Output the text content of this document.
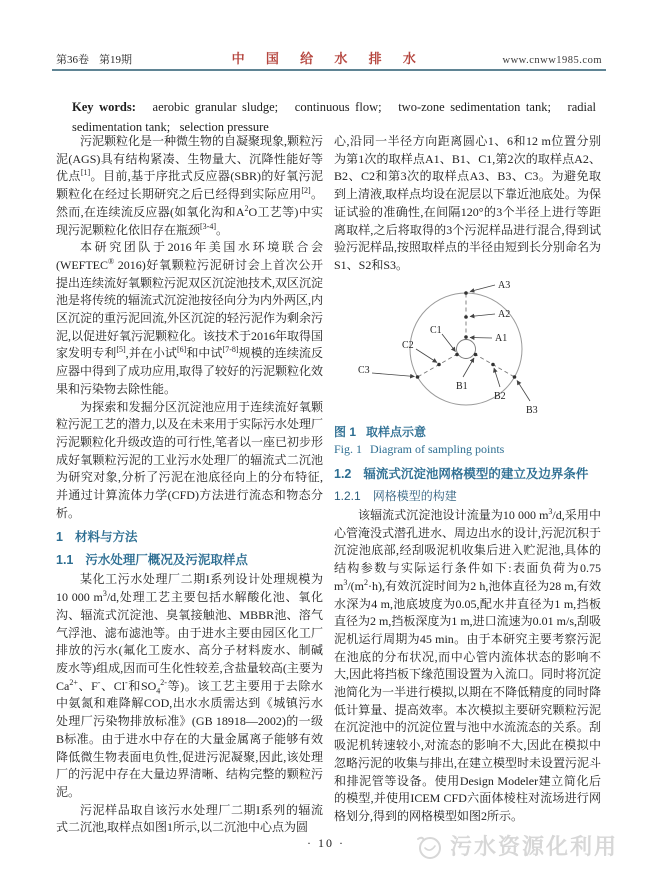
第36卷 第19期	中 国 给 水 排 水	www.cnww1985.com

Key words: aerobic granular sludge;   continuous flow;   two-zone sedimentation tank;   radial sedimentation tank;   selection pressure

污泥颗粒化是一种微生物的自凝聚现象,颗粒污泥(AGS)具有结构紧凑、生物量大、沉降性能好等优点[1]。目前,基于序批式反应器(SBR)的好氧污泥颗粒化在经过长期研究之后已经得到实际应用[2]。然而,在连续流反应器(如氧化沟和$A^2O$工艺等)中实现污泥颗粒化依旧存在瓶颈[3-4]。

本研究团队于2016年美国水环境联合会(WEFTEC® 2016)好氧颗粒污泥研讨会上首次公开提出连续流好氧颗粒污泥双区沉淀池技术,双区沉淀池是将传统的辐流式沉淀池按径向分为内外两区,内区沉淀的重污泥回流,外区沉淀的轻污泥作为剩余污泥,以促进好氧污泥颗粒化。该技术于2016年取得国家发明专利[5],并在小试[6]和中试[7-8]规模的连续流反应器中得到了成功应用,取得了较好的污泥颗粒化效果和污染物去除性能。

为探索和发掘分区沉淀池应用于连续流好氧颗粒污泥工艺的潜力,以及在未来用于实际污水处理厂污泥颗粒化升级改造的可行性,笔者以一座已初步形成好氧颗粒污泥的工业污水处理厂的辐流式二沉池为研究对象,分析了污泥在池底径向上的分布特征,并通过计算流体力学(CFD)方法进行流态和物态分析。

1 材料与方法
1.1 污水处理厂概况及污泥取样点

某化工污水处理厂二期I系列设计处理规模为10 000 $m^3/d$,处理工艺主要包括水解酸化池、氧化沟、辐流式沉淀池、臭氧接触池、MBBR池、溶气气浮池、滤布滤池等。由于进水主要由园区化工厂排放的污水(氟化工废水、高分子材料废水、制碱废水等)组成,因而可生化性较差,含盐量较高(主要为$Ca^{2+}$、F-、Cl-和$SO_4^{2-}$等)。该工艺主要用于去除水中氨氮和难降解COD,出水水质需达到《城镇污水处理厂污染物排放标准》(GB 18918—2002)的一级B标准。由于进水中存在的大量金属离子能够有效降低微生物表面电负性,促进污泥凝聚,因此,该处理厂的污泥中存在大量边界清晰、结构完整的颗粒污泥。

污泥样品取自该污水处理厂二期I系列的辐流式二沉池,取样点如图1所示,以二沉池中心点为圆

心,沿同一半径方向距离圆心1、6和12 m位置分别为第1次的取样点A1、B1、C1,第2次的取样点A2、B2、C2和第3次的取样点A3、B3、C3。为避免取到上清液,取样点均设在泥层以下靠近池底处。为保证试验的准确性,在间隔120°的3个半径上进行等距离取样,之后将取得的3个污泥样品进行混合,得到试验污泥样品,按照取样点的半径由短到长分别命名为S1、S2和S3。

A3
A2
A1
C1
C2
C3
B1
B2
B3

图 1 取样点示意

Fig. 1 Diagram of sampling points

1.2 辐流式沉淀池网格模型的建立及边界条件
1.2.1 网格模型的构建

该辐流式沉淀池设计流量为10 000 $m^3/d$,采用中心管淹没式潜孔进水、周边出水的设计,污泥沉积于沉淀池底部,经刮吸泥机收集后进入贮泥池,具体的结构参数与实际运行条件如下:表面负荷为0.75 $m^3/(m^2\cdot h)$,有效沉淀时间为2 h,池体直径为28 m,有效水深为4 m,池底坡度为0.05,配水井直径为1 m,挡板直径为2 m,挡板深度为1 m,进口流速为0.01 m/s,刮吸泥机运行周期为45 min。由于本研究主要考察污泥在池底的分布状况,而中心管内流体状态的影响不大,因此将挡板下缘范围设置为入流口。同时将沉淀池简化为一半进行模拟,以期在不降低精度的同时降低计算量、提高效率。本次模拟主要研究颗粒污泥在沉淀池中的沉淀位置与池中水流流态的关系。刮吸泥机转速较小,对流态的影响不大,因此在模拟中忽略污泥的收集与排出,在建立模型时未设置污泥斗和排泥管等设备。使用Design Modeler建立简化后的模型,并使用ICEM CFD六面体棱柱对流场进行网格划分,得到的网格模型如图2所示。

· 10 ·	污水资源化利用
